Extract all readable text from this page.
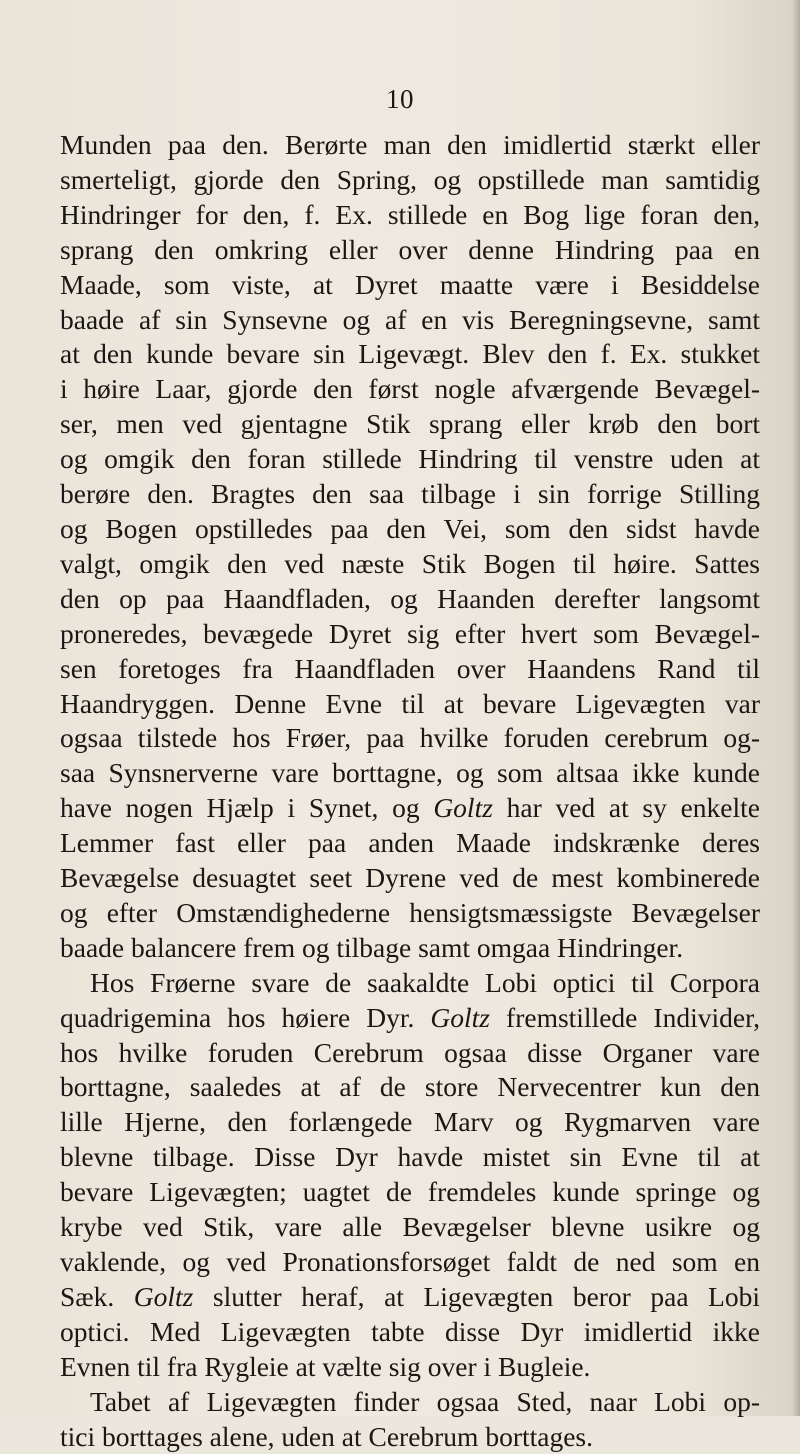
10
Munden paa den. Berørte man den imidlertid stærkt eller
smerteligt, gjorde den Spring, og opstillede man samtidig
Hindringer for den, f. Ex. stillede en Bog lige foran den,
sprang den omkring eller over denne Hindring paa en
Maade, som viste, at Dyret maatte være i Besiddelse
baade af sin Synsevne og af en vis Beregningsevne, samt
at den kunde bevare sin Ligevægt. Blev den f. Ex. stukket
i høire Laar, gjorde den først nogle afværgende Bevægel-
ser, men ved gjentagne Stik sprang eller krøb den bort
og omgik den foran stillede Hindring til venstre uden at
berøre den. Bragtes den saa tilbage i sin forrige Stilling
og Bogen opstilledes paa den Vei, som den sidst havde
valgt, omgik den ved næste Stik Bogen til høire. Sattes
den op paa Haandfladen, og Haanden derefter langsomt
proneredes, bevægede Dyret sig efter hvert som Bevægel-
sen foretoges fra Haandfladen over Haandens Rand til
Haandryggen. Denne Evne til at bevare Ligevægten var
ogsaa tilstede hos Frøer, paa hvilke foruden cerebrum og-
saa Synsnerverne vare borttagne, og som altsaa ikke kunde
have nogen Hjælp i Synet, og Goltz har ved at sy enkelte
Lemmer fast eller paa anden Maade indskrænke deres
Bevægelse desuagtet seet Dyrene ved de mest kombinerede
og efter Omstændighederne hensigtsmæssigste Bevægelser
baade balancere frem og tilbage samt omgaa Hindringer.
Hos Frøerne svare de saakaldte Lobi optici til Corpora
quadrigemina hos høiere Dyr. Goltz fremstillede Individer,
hos hvilke foruden Cerebrum ogsaa disse Organer vare
borttagne, saaledes at af de store Nervecentrer kun den
lille Hjerne, den forlængede Marv og Rygmarven vare
blevne tilbage. Disse Dyr havde mistet sin Evne til at
bevare Ligevægten; uagtet de fremdeles kunde springe og
krybe ved Stik, vare alle Bevægelser blevne usikre og
vaklende, og ved Pronationsforsøget faldt de ned som en
Sæk. Goltz slutter heraf, at Ligevægten beror paa Lobi
optici. Med Ligevægten tabte disse Dyr imidlertid ikke
Evnen til fra Rygleie at vælte sig over i Bugleie.
Tabet af Ligevægten finder ogsaa Sted, naar Lobi op-
tici borttages alene, uden at Cerebrum borttages.
